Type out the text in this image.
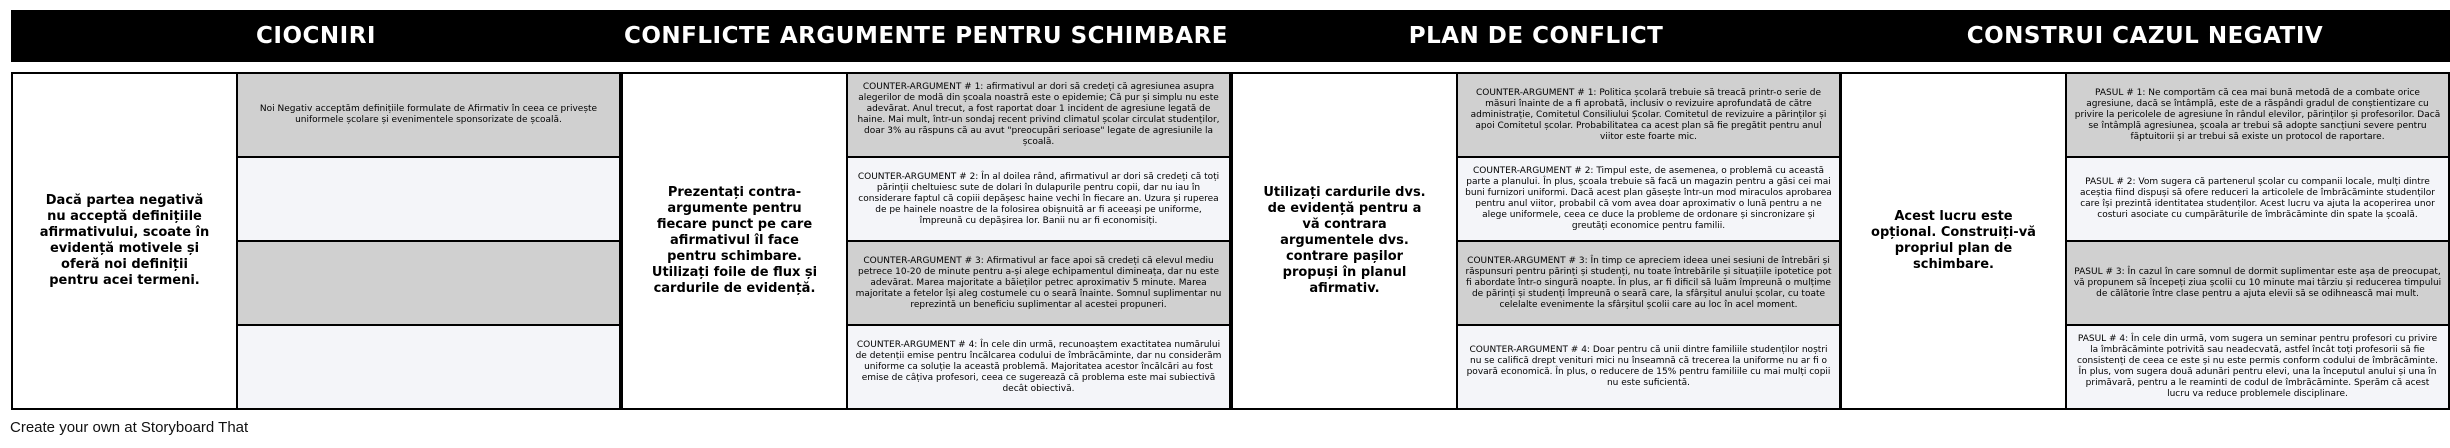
CIOCNIRI
Dacă partea negativă nu acceptă definițiile afirmativului, scoate în evidență motivele și oferă noi definiții pentru acei termeni.
Noi Negativ acceptăm definițiile formulate de Afirmativ în ceea ce privește uniformele școlare și evenimentele sponsorizate de școală.
CONFLICTE ARGUMENTE PENTRU SCHIMBARE
Prezentați contra-argumente pentru fiecare punct pe care afirmativul îl face pentru schimbare. Utilizați foile de flux și cardurile de evidență.
COUNTER-ARGUMENT # 1: afirmativul ar dori să credeți că agresiunea asupra alegerilor de modă din școala noastră este o epidemie; Că pur și simplu nu este adevărat. Anul trecut, a fost raportat doar 1 incident de agresiune legată de haine. Mai mult, într-un sondaj recent privind climatul școlar circulat studenților, doar 3% au răspuns că au avut "preocupări serioase" legate de agresiunile la școală.
COUNTER-ARGUMENT # 2: În al doilea rând, afirmativul ar dori să credeți că toți părinții cheltuiesc sute de dolari în dulapurile pentru copii, dar nu iau în considerare faptul că copiii depășesc haine vechi în fiecare an. Uzura și ruperea de pe hainele noastre de la folosirea obișnuită ar fi aceeași pe uniforme, împreună cu depășirea lor. Banii nu ar fi economisiți.
COUNTER-ARGUMENT # 3: Afirmativul ar face apoi să credeți că elevul mediu petrece 10-20 de minute pentru a-și alege echipamentul dimineața, dar nu este adevărat. Marea majoritate a băieților petrec aproximativ 5 minute. Marea majoritate a fetelor își aleg costumele cu o seară înainte. Somnul suplimentar nu reprezintă un beneficiu suplimentar al acestei propuneri.
COUNTER-ARGUMENT # 4: În cele din urmă, recunoaștem exactitatea numărului de detenții emise pentru încălcarea codului de îmbrăcăminte, dar nu considerăm uniforme ca soluție la această problemă. Majoritatea acestor încălcări au fost emise de câțiva profesori, ceea ce sugerează că problema este mai subiectivă decât obiectivă.
PLAN DE CONFLICT
Utilizați cardurile dvs. de evidență pentru a vă contrara argumentele dvs. contrare pașilor propuși în planul afirmativ.
COUNTER-ARGUMENT # 1: Politica școlară trebuie să treacă printr-o serie de măsuri înainte de a fi aprobată, inclusiv o revizuire aprofundată de către administrație, Comitetul Consiliului Școlar. Comitetul de revizuire a părinților și apoi Comitetul școlar. Probabilitatea ca acest plan să fie pregătit pentru anul viitor este foarte mic.
COUNTER-ARGUMENT # 2: Timpul este, de asemenea, o problemă cu această parte a planului. În plus, școala trebuie să facă un magazin pentru a găsi cei mai buni furnizori uniformi. Dacă acest plan găsește într-un mod miraculos aprobarea pentru anul viitor, probabil că vom avea doar aproximativ o lună pentru a ne alege uniformele, ceea ce duce la probleme de ordonare și sincronizare și greutăți economice pentru familii.
COUNTER-ARGUMENT # 3: În timp ce apreciem ideea unei sesiuni de întrebări și răspunsuri pentru părinți și studenți, nu toate întrebările și situațiile ipotetice pot fi abordate într-o singură noapte. În plus, ar fi dificil să luăm împreună o mulțime de părinți și studenți împreună o seară care, la sfârșitul anului școlar, cu toate celelalte evenimente la sfârșitul școlii care au loc în acel moment.
COUNTER-ARGUMENT # 4: Doar pentru că unii dintre familiile studenților noștri nu se califică drept venituri mici nu înseamnă că trecerea la uniforme nu ar fi o povară economică. În plus, o reducere de 15% pentru familiile cu mai mulți copii nu este suficientă.
CONSTRUI CAZUL NEGATIV
Acest lucru este opțional. Construiți-vă propriul plan de schimbare.
PASUL # 1: Ne comportăm că cea mai bună metodă de a combate orice agresiune, dacă se întâmplă, este de a răspândi gradul de conștientizare cu privire la pericolele de agresiune în rândul elevilor, părinților și profesorilor. Dacă se întâmplă agresiunea, școala ar trebui să adopte sancțiuni severe pentru făptuitorii și ar trebui să existe un protocol de raportare.
PASUL # 2: Vom sugera că partenerul școlar cu companii locale, mulți dintre aceștia fiind dispuși să ofere reduceri la articolele de îmbrăcăminte studenților care își prezintă identitatea studenților. Acest lucru va ajuta la acoperirea unor costuri asociate cu cumpărăturile de îmbrăcăminte din spate la școală.
PASUL # 3: În cazul în care somnul de dormit suplimentar este așa de preocupat, vă propunem să începeți ziua școlii cu 10 minute mai târziu și reducerea timpului de călătorie între clase pentru a ajuta elevii să se odihnească mai mult.
PASUL # 4: În cele din urmă, vom sugera un seminar pentru profesori cu privire la îmbrăcăminte potrivită sau neadecvată, astfel încât toți profesorii să fie consistenți de ceea ce este și nu este permis conform codului de îmbrăcăminte. În plus, vom sugera două adunări pentru elevi, una la începutul anului și una în primăvară, pentru a le reaminti de codul de îmbrăcăminte. Sperăm că acest lucru va reduce problemele disciplinare.
Create your own at Storyboard That
